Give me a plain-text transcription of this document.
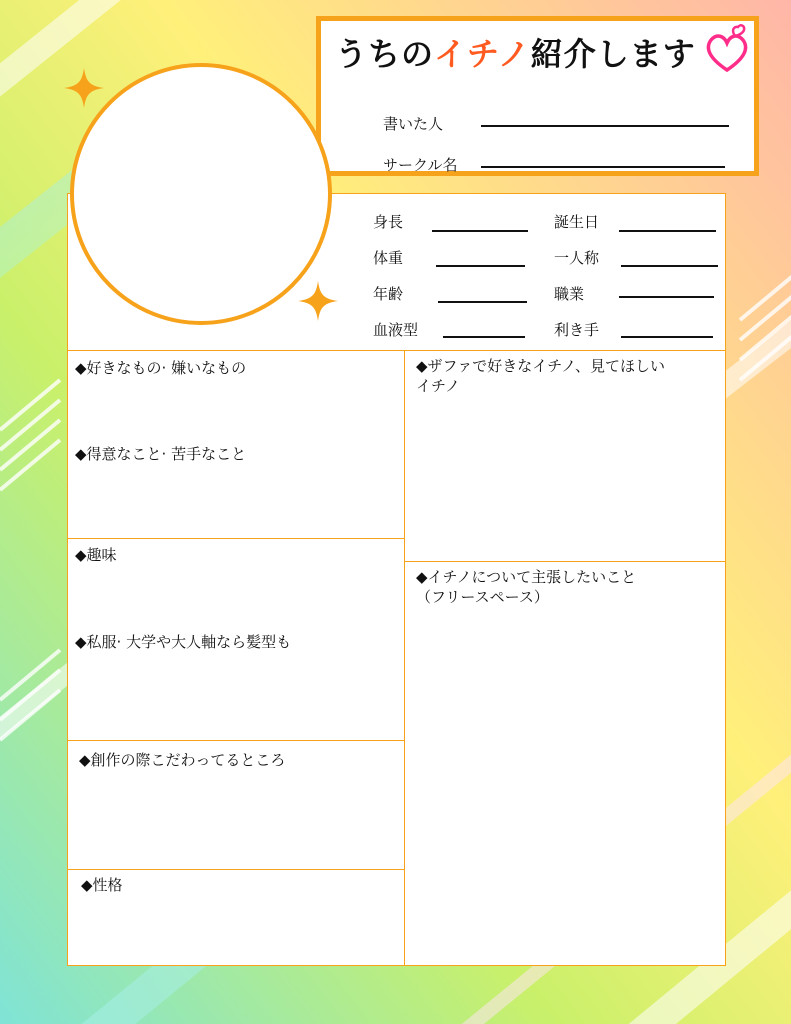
うちのイチノ紹介します
書いた人
サークル名
身長
体重
年齢
血液型
誕生日
一人称
職業
利き手
◆好きなもの· 嫌いなもの
◆得意なこと· 苦手なこと
◆趣味
◆私服· 大学や大人軸なら髪型も
◆創作の際こだわってるところ
◆性格
◆ザファで好きなイチノ、見てほしい
イチノ
◆イチノについて主張したいこと
（フリースペース）
